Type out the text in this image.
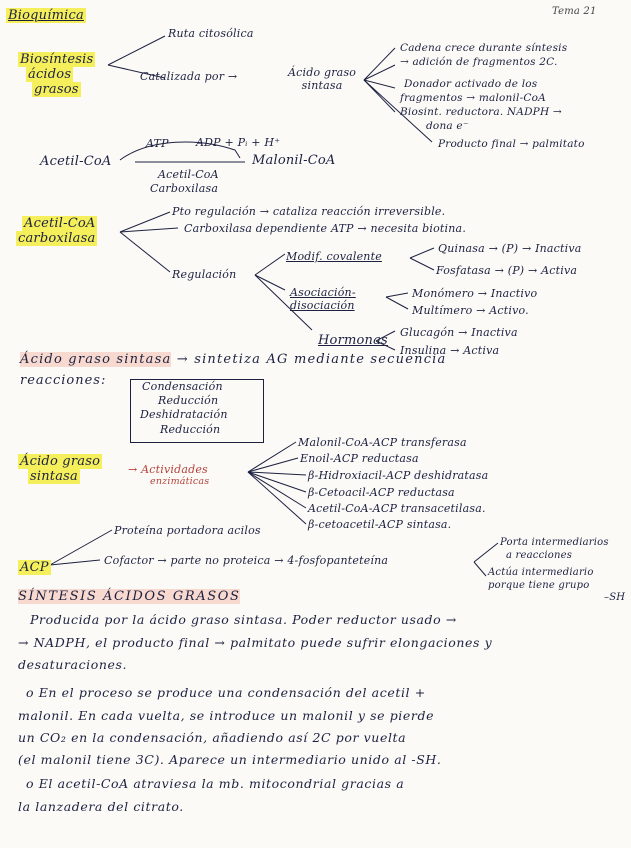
Bioquímica	Tema 21
Biosíntesis
ácidos
grasos
Ruta citosólica
Catalizada por →	Ácido graso
sintasa
Cadena crece durante síntesis
→ adición de fragmentos 2C.
Donador activado de los
fragmentos → malonil-CoA
Biosint. reductora. NADPH →
dona e⁻
Producto final → palmitato
ATP ADP + Pᵢ + H⁺
Acetil-CoA	Malonil-CoA
Acetil-CoA
Carboxilasa
Acetil-CoA
carboxilasa
Pto regulación → cataliza reacción irreversible.
Carboxilasa dependiente ATP → necesita biotina.
Regulación
Modif. covalente
Quinasa → (P) → Inactiva
Fosfatasa → (P) → Activa
Asociación-
disociación
Monómero → Inactivo
Multímero → Activo.
Hormonas
Glucagón → Inactiva
Insulina → Activa
Ácido graso sintasa → sintetiza AG mediante secuencia
reacciones:	Condensación
Reducción
Deshidratación
Reducción
Ácido graso
sintasa	→ Actividades
enzimáticas
Malonil-CoA-ACP transferasa
Enoil-ACP reductasa
β-Hidroxiacil-ACP deshidratasa
β-Cetoacil-ACP reductasa
Acetil-CoA-ACP transacetilasa.
β-cetoacetil-ACP sintasa.
ACP
Proteína portadora acilos
Cofactor → parte no proteica → 4-fosfopanteteína
Porta intermediarios
a reacciones
Actúa intermediario
porque tiene grupo
–SH
SÍNTESIS ÁCIDOS GRASOS
Producida por la ácido graso sintasa. Poder reductor usado →
→ NADPH, el producto final → palmitato puede sufrir elongaciones y
desaturaciones.
o En el proceso se produce una condensación del acetil +
malonil. En cada vuelta, se introduce un malonil y se pierde
un CO₂ en la condensación, añadiendo así 2C por vuelta
(el malonil tiene 3C). Aparece un intermediario unido al -SH.
o El acetil-CoA atraviesa la mb. mitocondrial gracias a
la lanzadera del citrato.
